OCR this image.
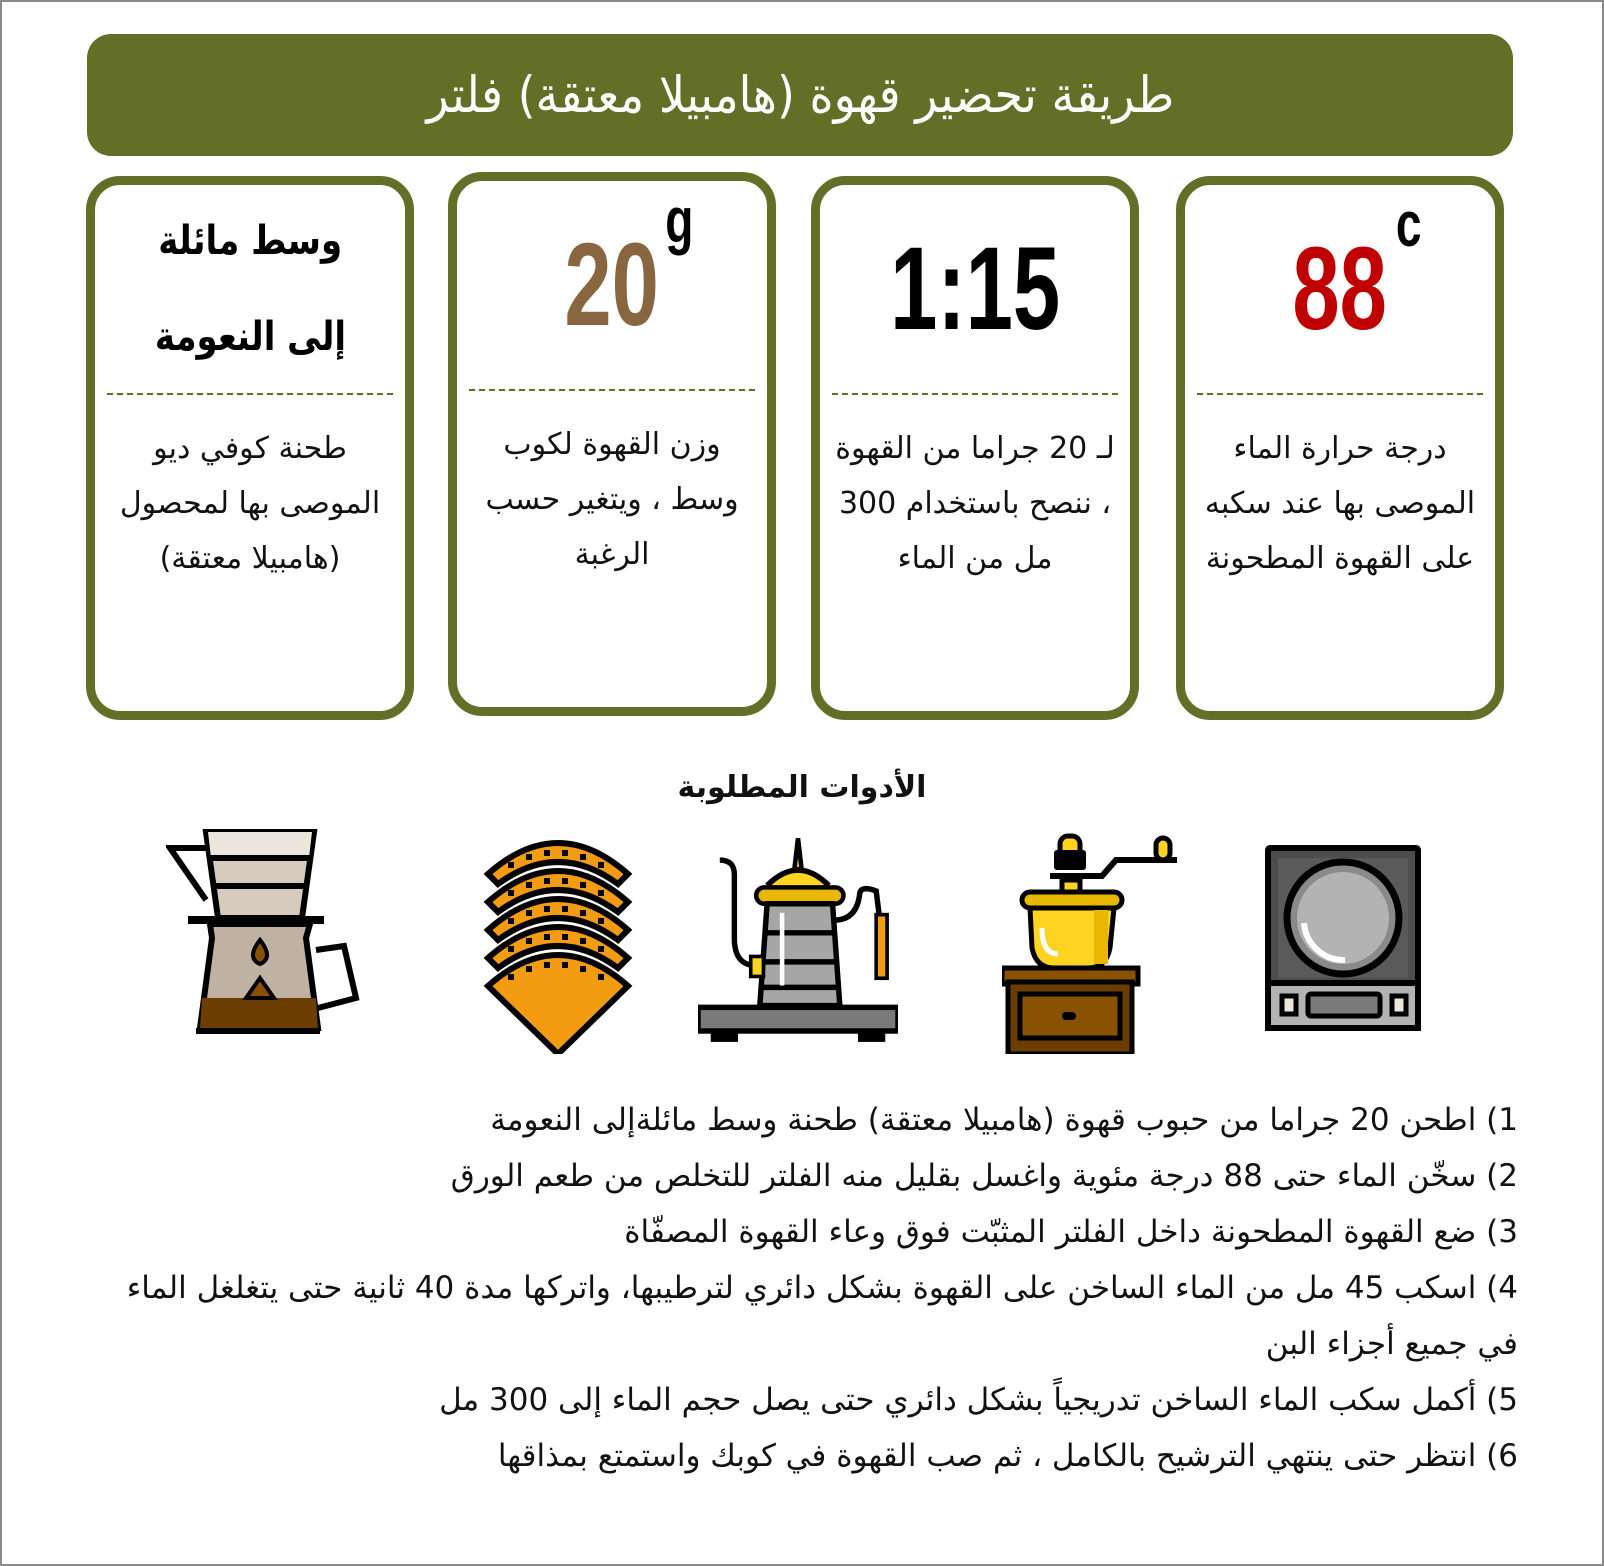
طريقة تحضير قهوة (هامبيلا معتقة) فلتر
88 c
درجة حرارة الماء الموصى بها عند سكبه على القهوة المطحونة
1:15
لـ 20 جراما من القهوة ، ننصح باستخدام 300 مل من الماء
20 g
وزن القهوة لكوب وسط ، ويتغير حسب الرغبة
وسط مائلة
إلى النعومة
طحنة كوفي ديو الموصى بها لمحصول (هامبيلا معتقة)
الأدوات المطلوبة
1) اطحن 20 جراما من حبوب قهوة (هامبيلا معتقة) طحنة وسط مائلةإلى النعومة
2) سخّن الماء حتى 88 درجة مئوية واغسل بقليل منه الفلتر للتخلص من طعم الورق
3) ضع القهوة المطحونة داخل الفلتر المثبّت فوق وعاء القهوة المصفّاة
4) اسكب 45 مل من الماء الساخن على القهوة بشكل دائري لترطيبها، واتركها مدة 40 ثانية حتى يتغلغل الماء في جميع أجزاء البن
5) أكمل سكب الماء الساخن تدريجياً بشكل دائري حتى يصل حجم الماء إلى 300 مل
6) انتظر حتى ينتهي الترشيح بالكامل ، ثم صب القهوة في كوبك واستمتع بمذاقها
